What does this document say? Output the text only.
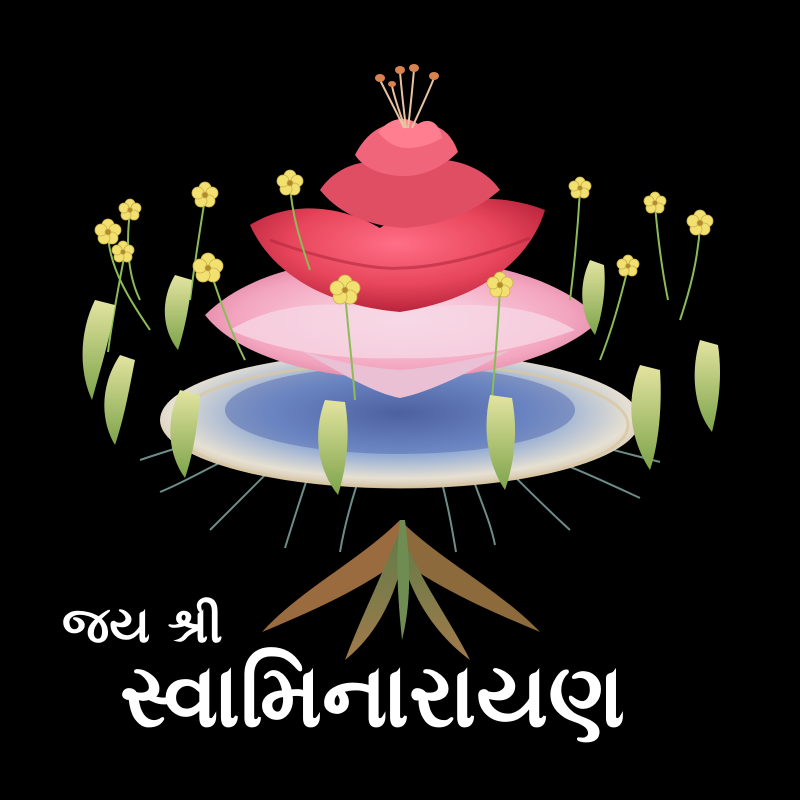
જય શ્રી
સ્વામિનારાયણ
